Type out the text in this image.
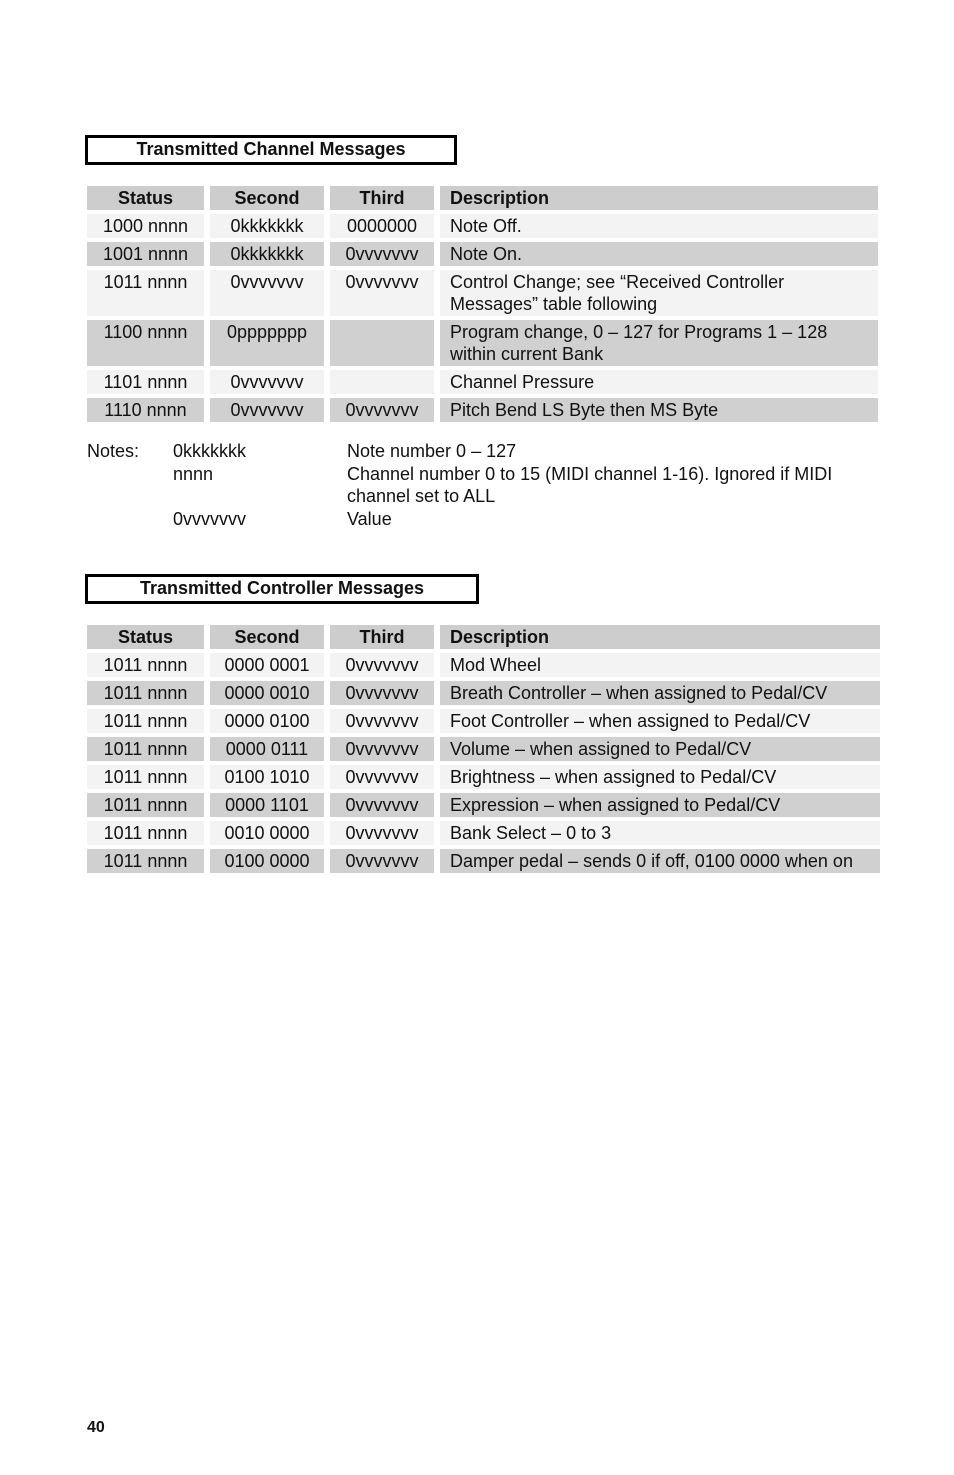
Transmitted Channel Messages
Status	Second	Third	Description
1000 nnnn	0kkkkkkk	0000000	Note Off.
1001 nnnn	0kkkkkkk	0vvvvvvv	Note On.
1011 nnnn	0vvvvvvv	0vvvvvvv	Control Change; see “Received Controller Messages” table following
1100 nnnn	0ppppppp		Program change, 0 – 127 for Programs 1 – 128 within current Bank
1101 nnnn	0vvvvvvv		Channel Pressure
1110 nnnn	0vvvvvvv	0vvvvvvv	Pitch Bend LS Byte then MS Byte
Notes:	0kkkkkkk	Note number 0 – 127
nnnn	Channel number 0 to 15 (MIDI channel 1-16). Ignored if MIDI channel set to ALL
0vvvvvvv	Value
Transmitted Controller Messages
Status	Second	Third	Description
1011 nnnn	0000 0001	0vvvvvvv	Mod Wheel
1011 nnnn	0000 0010	0vvvvvvv	Breath Controller – when assigned to Pedal/CV
1011 nnnn	0000 0100	0vvvvvvv	Foot Controller – when assigned to Pedal/CV
1011 nnnn	0000 0111	0vvvvvvv	Volume – when assigned to Pedal/CV
1011 nnnn	0100 1010	0vvvvvvv	Brightness – when assigned to Pedal/CV
1011 nnnn	0000 1101	0vvvvvvv	Expression – when assigned to Pedal/CV
1011 nnnn	0010 0000	0vvvvvvv	Bank Select – 0 to 3
1011 nnnn	0100 0000	0vvvvvvv	Damper pedal – sends 0 if off, 0100 0000 when on
40
